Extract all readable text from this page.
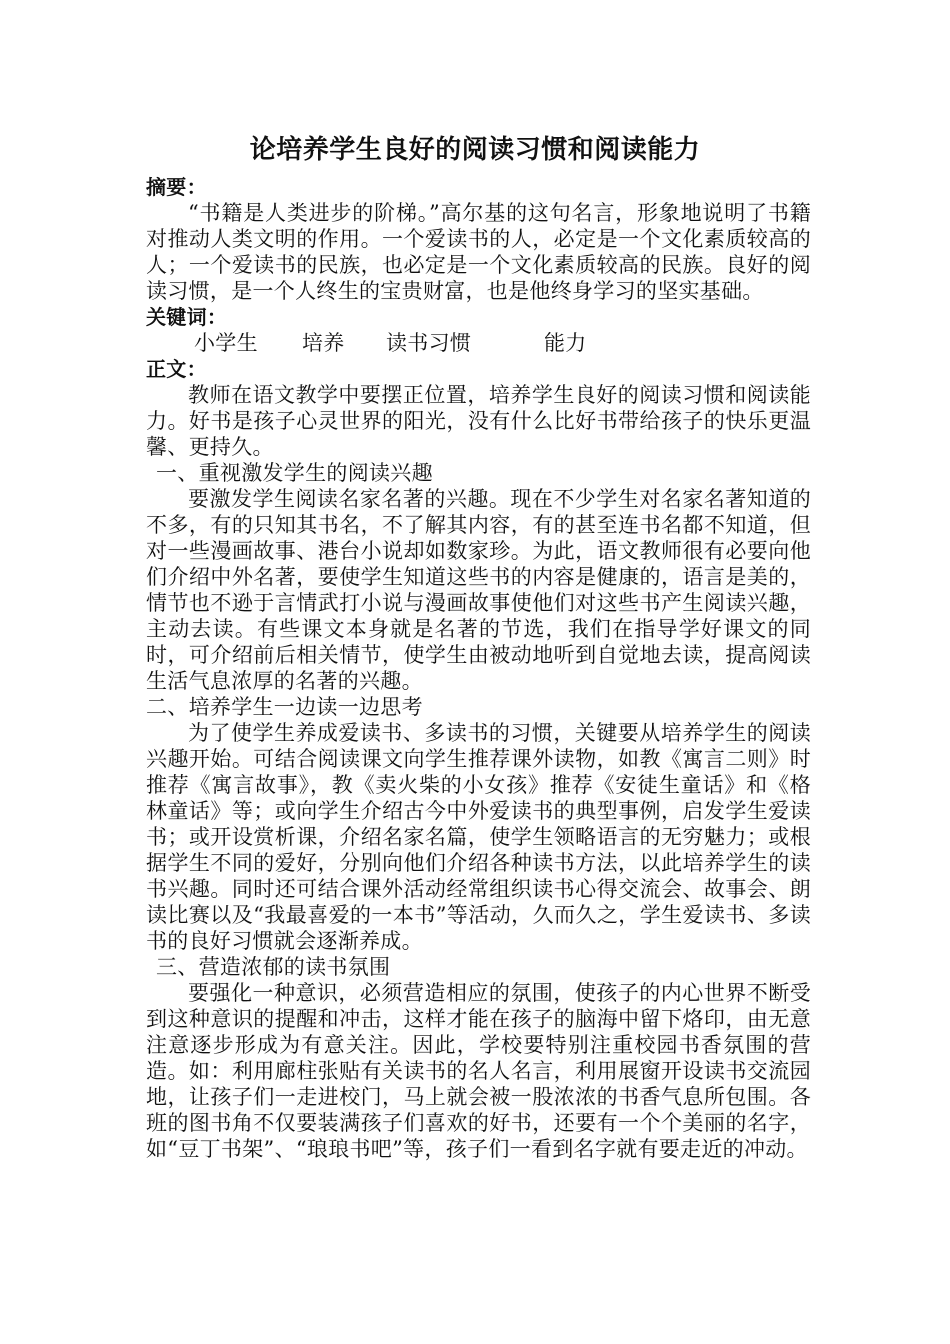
论培养学生良好的阅读习惯和阅读能力
摘要：

“书籍是人类进步的阶梯。”高尔基的这句名言，形象地说明了书籍对推动人类文明的作用。一个爱读书的人，必定是一个文化素质较高的人；一个爱读书的民族，也必定是一个文化素质较高的民族。良好的阅读习惯，是一个人终生的宝贵财富，也是他终身学习的坚实基础。

关键词：
小学生 培养 读书习惯	能力
正文：

教师在语文教学中要摆正位置，培养学生良好的阅读习惯和阅读能力。好书是孩子心灵世界的阳光，没有什么比好书带给孩子的快乐更温馨、更持久。

一、重视激发学生的阅读兴趣

要激发学生阅读名家名著的兴趣。现在不少学生对名家名著知道的不多，有的只知其书名，不了解其内容，有的甚至连书名都不知道，但对一些漫画故事、港台小说却如数家珍。为此，语文教师很有必要向他们介绍中外名著，要使学生知道这些书的内容是健康的，语言是美的，情节也不逊于言情武打小说与漫画故事使他们对这些书产生阅读兴趣，主动去读。有些课文本身就是名著的节选，我们在指导学好课文的同时，可介绍前后相关情节，使学生由被动地听到自觉地去读，提高阅读生活气息浓厚的名著的兴趣。

二、培养学生一边读一边思考

为了使学生养成爱读书、多读书的习惯，关键要从培养学生的阅读兴趣开始。可结合阅读课文向学生推荐课外读物，如教《寓言二则》时推荐《寓言故事》，教《卖火柴的小女孩》推荐《安徒生童话》和《格林童话》等；或向学生介绍古今中外爱读书的典型事例，启发学生爱读书；或开设赏析课，介绍名家名篇，使学生领略语言的无穷魅力；或根据学生不同的爱好，分别向他们介绍各种读书方法，以此培养学生的读书兴趣。同时还可结合课外活动经常组织读书心得交流会、故事会、朗读比赛以及“我最喜爱的一本书”等活动，久而久之，学生爱读书、多读书的良好习惯就会逐渐养成。

三、营造浓郁的读书氛围

要强化一种意识，必须营造相应的氛围，使孩子的内心世界不断受到这种意识的提醒和冲击，这样才能在孩子的脑海中留下烙印，由无意注意逐步形成为有意关注。因此，学校要特别注重校园书香氛围的营造。如：利用廊柱张贴有关读书的名人名言，利用展窗开设读书交流园地，让孩子们一走进校门，马上就会被一股浓浓的书香气息所包围。各班的图书角不仅要装满孩子们喜欢的好书，还要有一个个美丽的名字，如“豆丁书架”、“琅琅书吧”等，孩子们一看到名字就有要走近的冲动。
